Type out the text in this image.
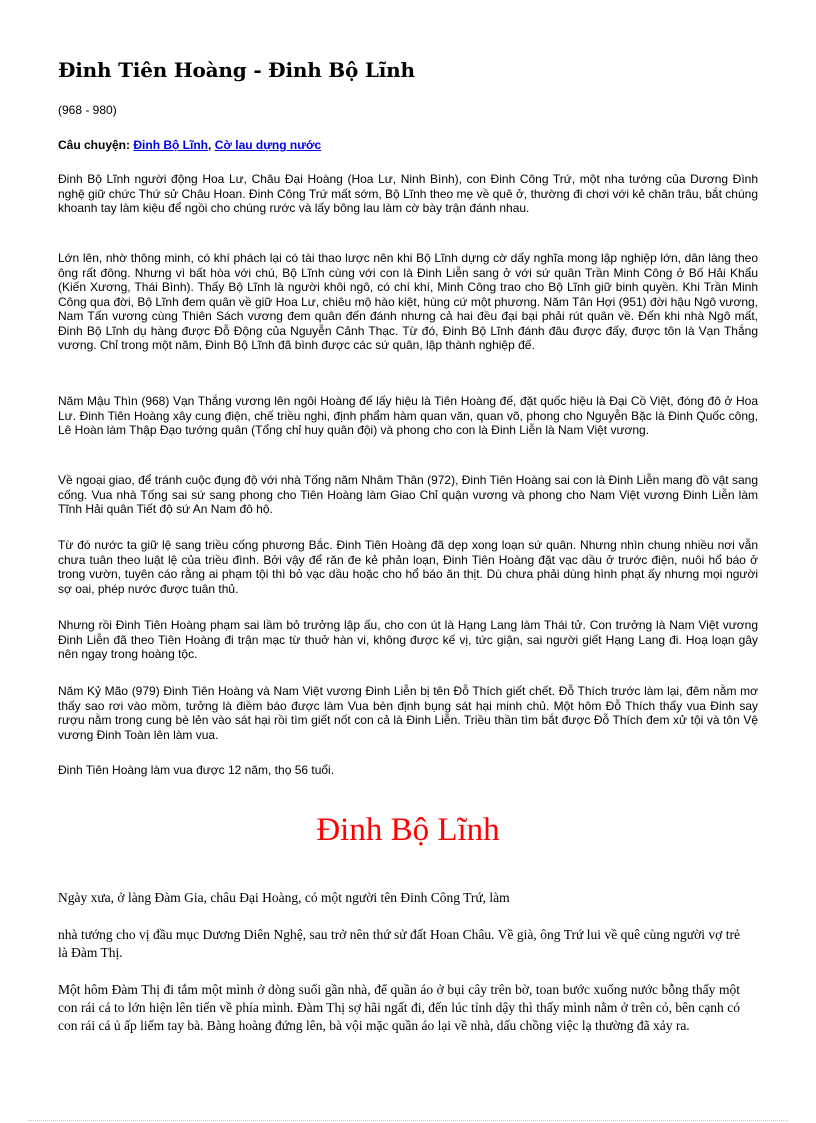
Đinh Tiên Hoàng - Đinh Bộ Lĩnh
(968 - 980)
Câu chuyện: Đinh Bộ Lĩnh, Cờ lau dựng nước

Đinh Bộ Lĩnh người động Hoa Lư, Châu Đại Hoàng (Hoa Lư, Ninh Bình), con Đinh Công Trứ, một nha tướng của Dương Đình nghệ giữ chức Thứ sử Châu Hoan. Đinh Công Trứ mất sớm, Bộ Lĩnh theo mẹ về quê ở, thường đi chơi với kẻ chăn trâu, bắt chúng khoanh tay làm kiệu để ngồi cho chúng rước và lấy bông lau làm cờ bày trận đánh nhau.

Lớn lên, nhờ thông minh, có khí phách lại có tài thao lược nên khi Bộ Lĩnh dựng cờ dấy nghĩa mong lập nghiệp lớn, dân làng theo ông rất đông. Nhưng vì bất hòa với chú, Bộ Lĩnh cùng với con là Đinh Liễn sang ở với sứ quân Trần Minh Công ở Bố Hải Khẩu (Kiến Xương, Thái Bình). Thấy Bộ Lĩnh là người khôi ngô, có chí khí, Minh Công trao cho Bộ Lĩnh giữ binh quyền. Khi Trần Minh Công qua đời, Bộ Lĩnh đem quân về giữ Hoa Lư, chiêu mộ hào kiệt, hùng cứ một phương. Năm Tân Hợi (951) đời hậu Ngô vương, Nam Tấn vương cùng Thiên Sách vương đem quân đến đánh nhưng cả hai đều đại bại phải rút quân về. Đến khi nhà Ngô mất, Đinh Bộ Lĩnh dụ hàng được Đỗ Động của Nguyễn Cảnh Thạc. Từ đó, Đinh Bộ Lĩnh đánh đâu được đấy, được tôn là Vạn Thắng vương. Chỉ trong một năm, Đinh Bộ Lĩnh đã bình được các sứ quân, lập thành nghiệp đế.

Năm Mậu Thìn (968) Vạn Thắng vương lên ngôi Hoàng đế lấy hiệu là Tiên Hoàng đế, đặt quốc hiệu là Đại Cồ Việt, đóng đô ở Hoa Lư. Đinh Tiên Hoàng xây cung điện, chế triều nghi, định phẩm hàm quan văn, quan võ, phong cho Nguyễn Bặc là Đinh Quốc công, Lê Hoàn làm Thập Đạo tướng quân (Tổng chỉ huy quân đội) và phong cho con là Đinh Liễn là Nam Việt vương.

Về ngoại giao, để tránh cuộc đụng độ với nhà Tống năm Nhâm Thân (972), Đinh Tiên Hoàng sai con là Đinh Liễn mang đồ vật sang cống. Vua nhà Tống sai sứ sang phong cho Tiên Hoàng làm Giao Chỉ quận vương và phong cho Nam Việt vương Đinh Liễn làm Tĩnh Hải quân Tiết độ sứ An Nam đô hộ.

Từ đó nước ta giữ lệ sang triều cống phương Bắc. Đinh Tiên Hoàng đã dẹp xong loạn sứ quân. Nhưng nhìn chung nhiều nơi vẫn chưa tuân theo luật lệ của triều đình. Bởi vậy để răn đe kẻ phản loạn, Đinh Tiên Hoàng đặt vạc dầu ở trước điện, nuôi hổ báo ở trong vườn, tuyên cáo rằng ai phạm tội thì bỏ vạc dầu hoặc cho hổ báo ăn thịt. Dù chưa phải dùng hình phạt ấy nhưng mọi người sợ oai, phép nước được tuân thủ.

Nhưng rồi Đinh Tiên Hoàng phạm sai lầm bỏ trưởng lập ấu, cho con út là Hạng Lang làm Thái tử. Con trưởng là Nam Việt vương Đinh Liễn đã theo Tiên Hoàng đi trận mạc từ thuở hàn vi, không được kế vị, tức giận, sai người giết Hạng Lang đi. Hoạ loạn gây nên ngay trong hoàng tộc.

Năm Kỷ Mão (979) Đinh Tiên Hoàng và Nam Việt vương Đinh Liễn bị tên Đỗ Thích giết chết. Đỗ Thích trước làm lại, đêm nằm mơ thấy sao rơi vào mồm, tưởng là điềm báo được làm Vua bèn định bụng sát hại minh chủ. Một hôm Đỗ Thích thấy vua Đinh say rượu nằm trong cung bè lẻn vào sát hại rồi tìm giết nốt con cả là Đinh Liễn. Triều thần tìm bắt được Đỗ Thích đem xử tội và tôn Vệ vương Đinh Toàn lên làm vua.

Đinh Tiên Hoàng làm vua được 12 năm, thọ 56 tuổi.

Đinh Bộ Lĩnh

Ngày xưa, ở làng Đàm Gia, châu Đại Hoàng, có một người tên Đinh Công Trứ, làm

nhà tướng cho vị đầu mục Dương Diên Nghệ, sau trở nên thứ sử đất Hoan Châu. Về già, ông Trứ lui về quê cùng người vợ trẻ là Đàm Thị.

Một hôm Đàm Thị đi tắm một mình ở dòng suối gần nhà, để quần áo ở bụi cây trên bờ, toan bước xuống nước bỗng thấy một con rái cá to lớn hiện lên tiến về phía mình. Đàm Thị sợ hãi ngất đi, đến lúc tỉnh dậy thì thấy mình nằm ở trên cỏ, bên cạnh có con rái cá ủ ấp liếm tay bà. Bàng hoàng đứng lên, bà vội mặc quần áo lại về nhà, dấu chồng việc lạ thường đã xảy ra.
